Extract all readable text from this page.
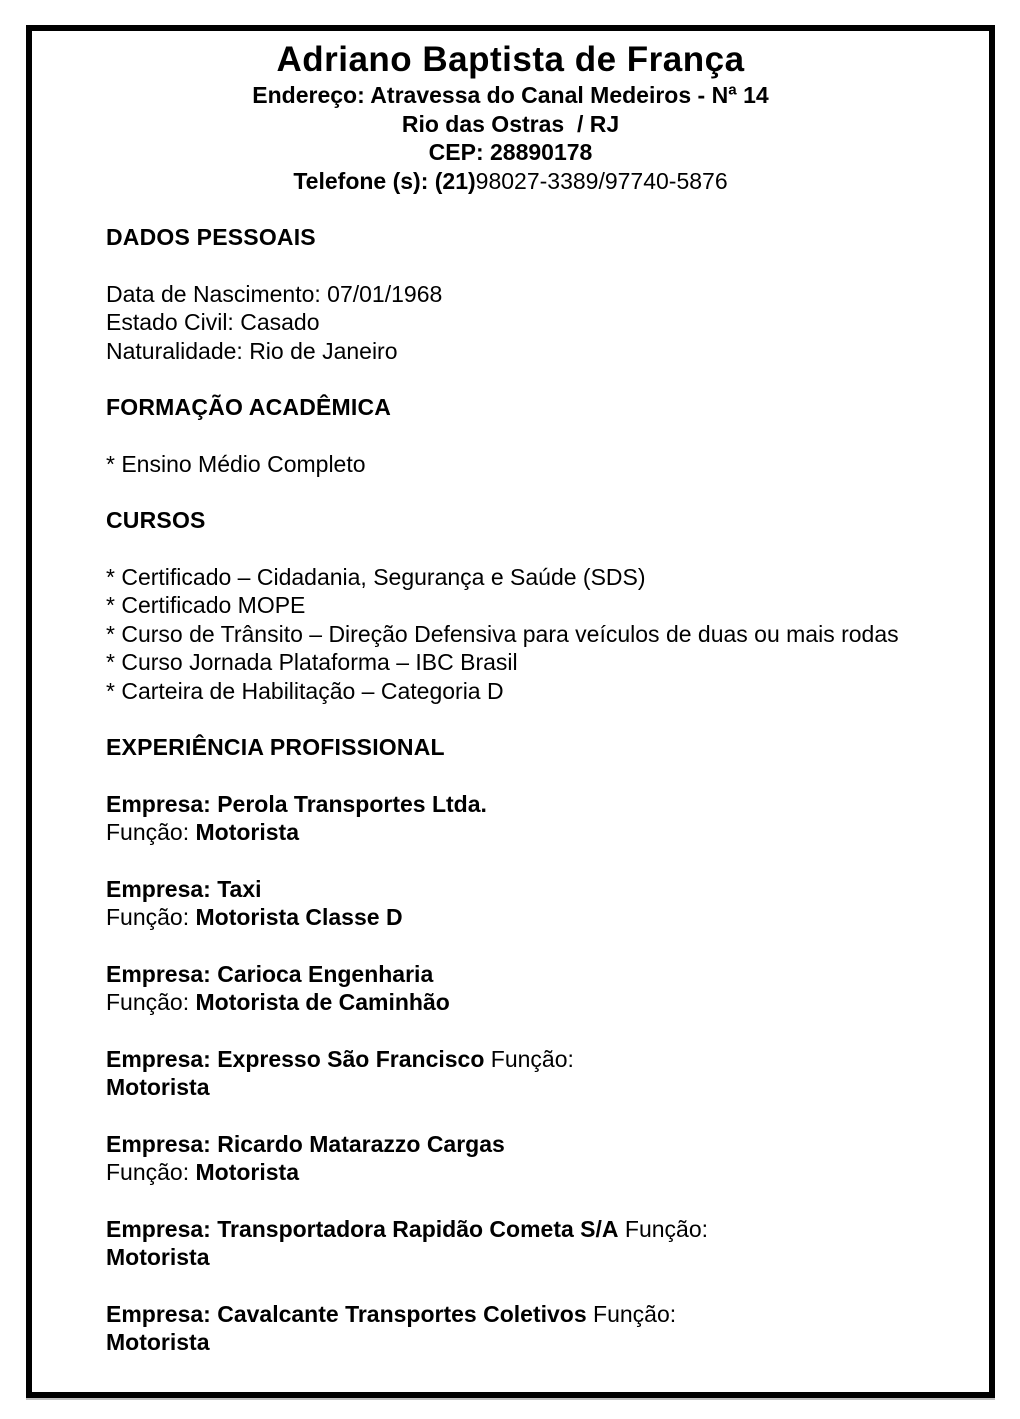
Adriano Baptista de França
Endereço: Atravessa do Canal Medeiros - Nª 14
Rio das Ostras  / RJ
CEP: 28890178
Telefone (s): (21)98027-3389/97740-5876
DADOS PESSOAIS
Data de Nascimento: 07/01/1968
Estado Civil: Casado
Naturalidade: Rio de Janeiro
FORMAÇÃO ACADÊMICA
* Ensino Médio Completo
CURSOS
* Certificado – Cidadania, Segurança e Saúde (SDS)
* Certificado MOPE
* Curso de Trânsito – Direção Defensiva para veículos de duas ou mais rodas
* Curso Jornada Plataforma – IBC Brasil
* Carteira de Habilitação – Categoria D
EXPERIÊNCIA PROFISSIONAL

Empresa: Perola Transportes Ltda.
Função: Motorista

Empresa: Taxi
Função: Motorista Classe D

Empresa: Carioca Engenharia
Função: Motorista de Caminhão

Empresa: Expresso São Francisco Função:
Motorista

Empresa: Ricardo Matarazzo Cargas
Função: Motorista

Empresa: Transportadora Rapidão Cometa S/A Função:
Motorista

Empresa: Cavalcante Transportes Coletivos Função:
Motorista
